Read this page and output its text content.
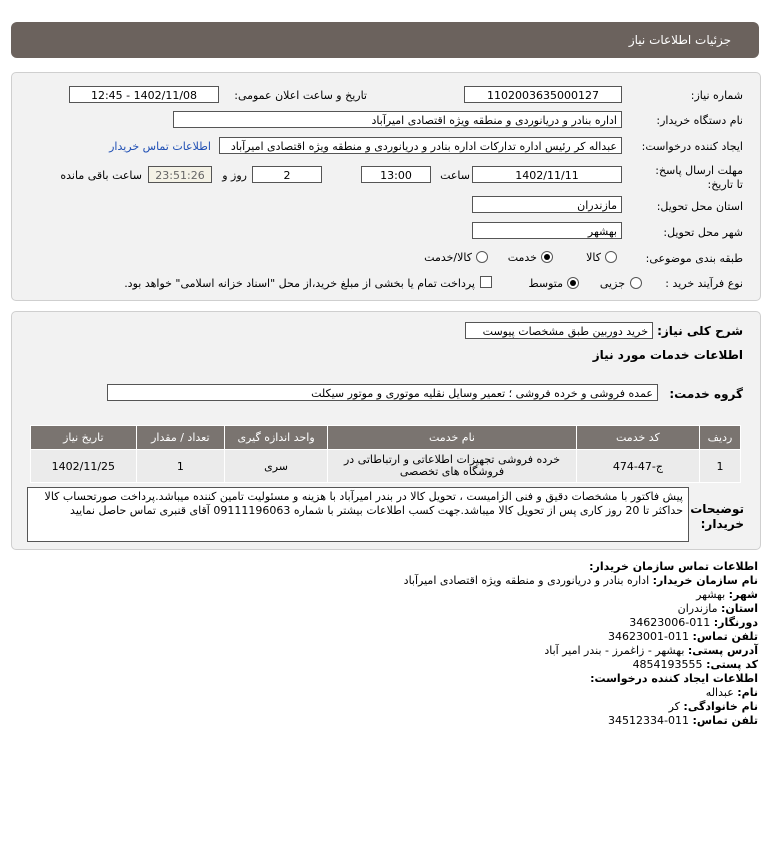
جزئیات اطلاعات نیاز
شماره نیاز:
1102003635000127
تاریخ و ساعت اعلان عمومی:
1402/11/08 - 12:45
نام دستگاه خریدار:
اداره بنادر و دریانوردی و منطقه ویژه اقتصادی امیرآباد
ایجاد کننده درخواست:
عبداله کر رئیس اداره تدارکات اداره بنادر و دریانوردی و منطقه ویژه اقتصادی امیرآباد
اطلاعات تماس خریدار
مهلت ارسال پاسخ: تا تاریخ:
1402/11/11
ساعت
13:00
2
روز و
23:51:26
ساعت باقی مانده
استان محل تحویل:
مازندران
شهر محل تحویل:
بهشهر
طبقه بندی موضوعی:
کالا
خدمت
کالا/خدمت
نوع فرآیند خرید :
جزیی
متوسط
پرداخت تمام یا بخشی از مبلغ خرید،از محل "اسناد خزانه اسلامی" خواهد بود.
شرح کلی نیاز:
خرید دوربین طبق مشخصات پیوست
اطلاعات خدمات مورد نیاز
گروه خدمت:
عمده فروشی و خرده فروشی ؛ تعمیر وسایل نقلیه موتوری و موتور سیکلت
تاریخ نیاز	تعداد / مقدار	واحد اندازه گیری	نام خدمت	کد خدمت	ردیف
1402/11/25	1	سری	خرده فروشی تجهیزات اطلاعاتی و ارتباطاتی در فروشگاه های تخصصی	ج-47-474	1
توضیحات خریدار:
پیش فاکتور با مشخصات دقیق و فنی الزامیست ، تحویل کالا در بندر امیرآباد با هزینه و مسئولیت تامین کننده میباشد.پرداخت صورتحساب کالا حداکثر تا 20 روز کاری پس از تحویل کالا میباشد.جهت کسب اطلاعات بیشتر با شماره 09111196063 آقای قنبری تماس حاصل نمایید
اطلاعات تماس سازمان خریدار:
نام سازمان خریدار: اداره بنادر و دریانوردی و منطقه ویژه اقتصادی امیرآباد
شهر: بهشهر
استان: مازندران
دورنگار: 011-34623006
تلفن تماس: 011-34623001
آدرس پستی: بهشهر - زاغمرز - بندر امیر آباد
کد پستی: 4854193555
اطلاعات ایجاد کننده درخواست:
نام: عبداله
نام خانوادگی: کر
تلفن تماس: 011-34512334
